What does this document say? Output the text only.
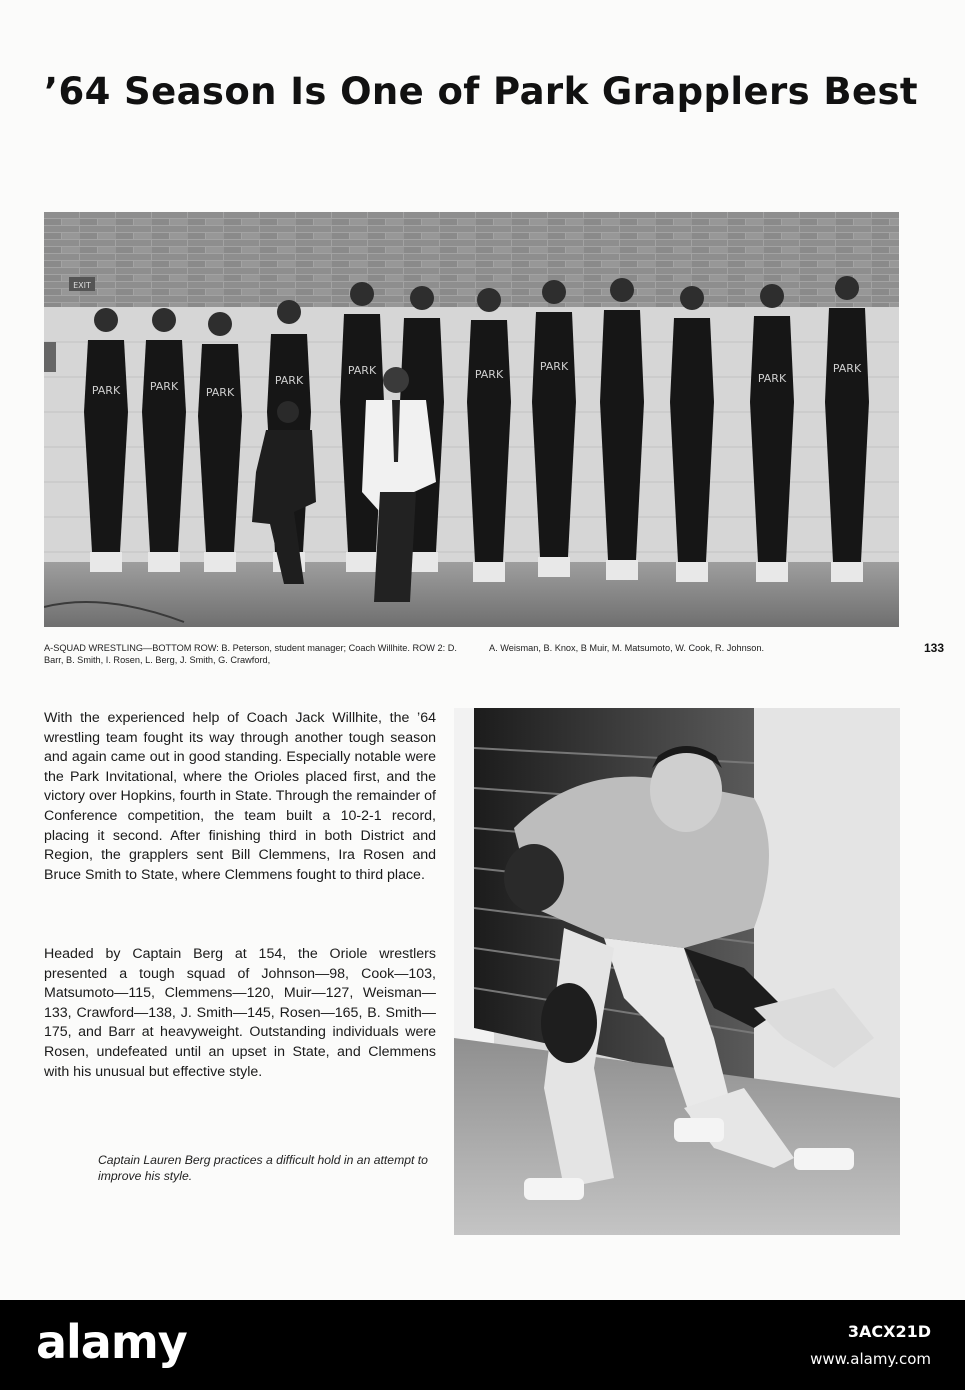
’64 Season Is One of Park Grapplers Best
EXIT
PARK	PARK	PARK
PARK
PARK	PARK
PARK
PARK
PARK

A-SQUAD WRESTLING—BOTTOM ROW: B. Peterson, student manager; Coach Willhite. ROW 2: D. Barr, B. Smith, I. Rosen, L. Berg, J. Smith, G. Crawford,

A. Weisman, B. Knox, B Muir, M. Matsumoto, W. Cook, R. Johnson.	133

With the experienced help of Coach Jack Willhite, the ’64 wrestling team fought its way through another tough season and again came out in good standing. Especially notable were the Park Invitational, where the Orioles placed first, and the victory over Hopkins, fourth in State. Through the remainder of Conference competition, the team built a 10-2-1 record, placing it second. After finishing third in both District and Region, the grapplers sent Bill Clemmens, Ira Rosen and Bruce Smith to State, where Clemmens fought to third place.

Headed by Captain Berg at 154, the Oriole wrestlers presented a tough squad of Johnson—98, Cook—103, Matsumoto—115, Clemmens—120, Muir—127, Weisman—133, Crawford—138, J. Smith—145, Rosen—165, B. Smith—175, and Barr at heavyweight. Outstanding individuals were Rosen, undefeated until an upset in State, and Clemmens with his unusual but effective style.

Captain Lauren Berg practices a difficult hold in an attempt to improve his style.

alamy	3ACX21D
www.alamy.com
